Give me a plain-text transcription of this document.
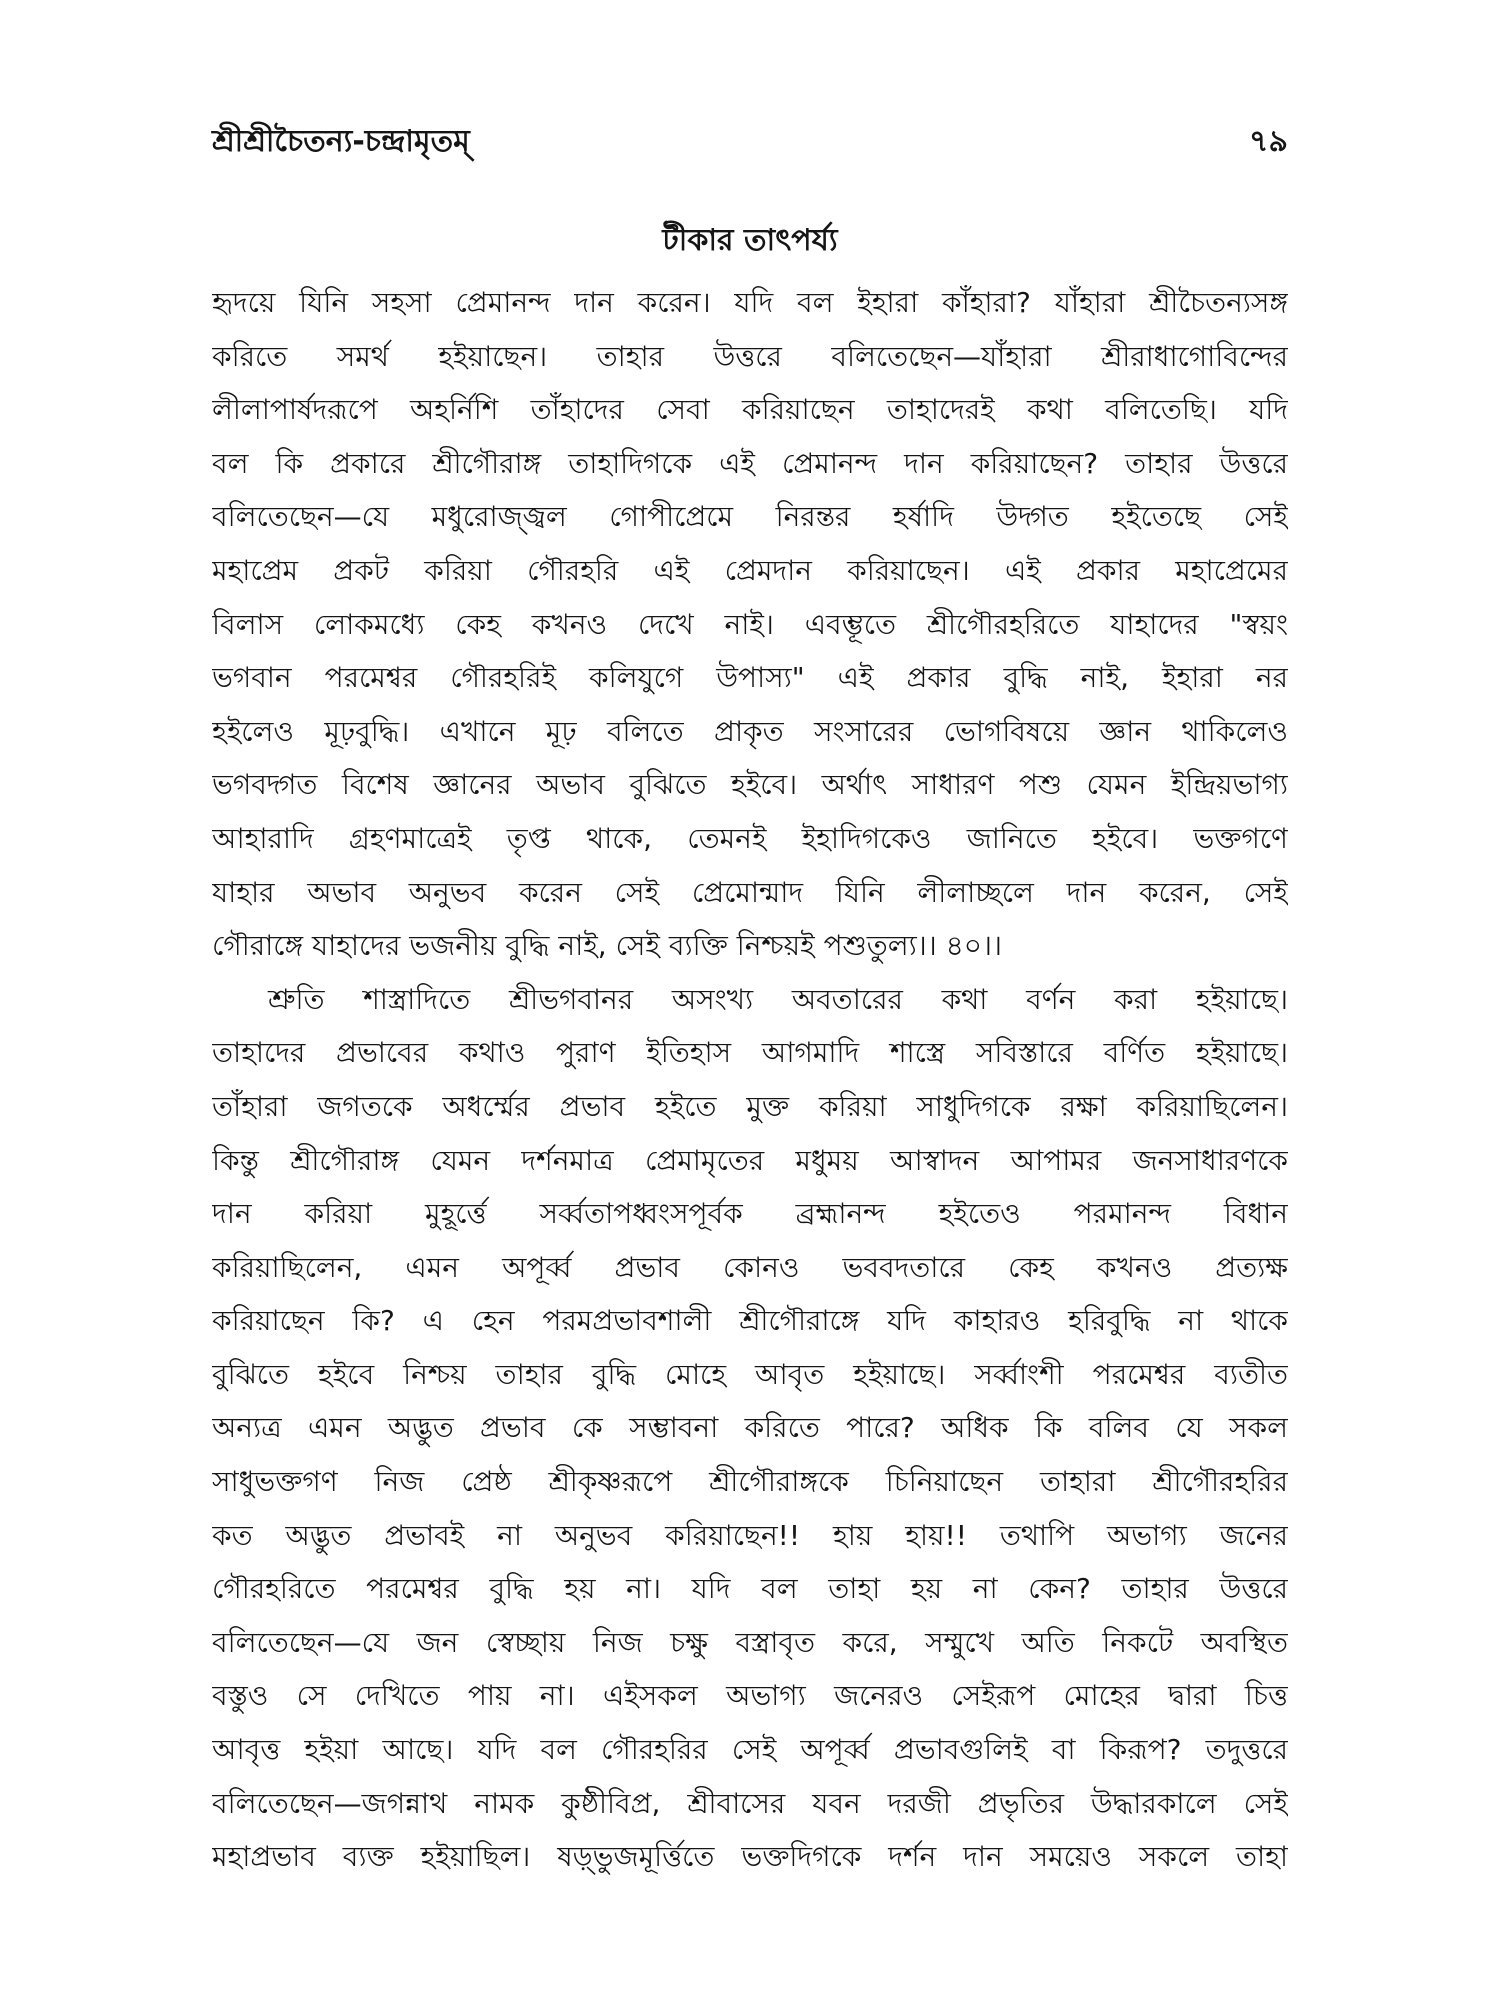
শ্রীশ্রীচৈতন্য-চন্দ্রামৃতম্	৭৯
টীকার তাৎপর্য্য
হৃদয়ে যিনি সহসা প্রেমানন্দ দান করেন। যদি বল ইহারা কাঁহারা? যাঁহারা শ্রীচৈতন্যসঙ্গ
করিতে সমর্থ হইয়াছেন। তাহার উত্তরে বলিতেছেন—যাঁহারা শ্রীরাধাগোবিন্দের
লীলাপার্ষদরূপে অহর্নিশি তাঁহাদের সেবা করিয়াছেন তাহাদেরই কথা বলিতেছি। যদি
বল কি প্রকারে শ্রীগৌরাঙ্গ তাহাদিগকে এই প্রেমানন্দ দান করিয়াছেন? তাহার উত্তরে
বলিতেছেন—যে মধুরোজ্জ্বল গোপীপ্রেমে নিরন্তর হর্ষাদি উদ্গত হইতেছে সেই
মহাপ্রেম প্রকট করিয়া গৌরহরি এই প্রেমদান করিয়াছেন। এই প্রকার মহাপ্রেমের
বিলাস লোকমধ্যে কেহ কখনও দেখে নাই। এবম্ভূতে শ্রীগৌরহরিতে যাহাদের "স্বয়ং
ভগবান পরমেশ্বর গৌরহরিই কলিযুগে উপাস্য" এই প্রকার বুদ্ধি নাই, ইহারা নর
হইলেও মূঢ়বুদ্ধি। এখানে মূঢ় বলিতে প্রাকৃত সংসারের ভোগবিষয়ে জ্ঞান থাকিলেও
ভগবদ্গত বিশেষ জ্ঞানের অভাব বুঝিতে হইবে। অর্থাৎ সাধারণ পশু যেমন ইন্দ্রিয়ভাগ্য
আহারাদি গ্রহণমাত্রেই তৃপ্ত থাকে, তেমনই ইহাদিগকেও জানিতে হইবে। ভক্তগণে
যাহার অভাব অনুভব করেন সেই প্রেমোন্মাদ যিনি লীলাচ্ছলে দান করেন, সেই
গৌরাঙ্গে যাহাদের ভজনীয় বুদ্ধি নাই, সেই ব্যক্তি নিশ্চয়ই পশুতুল্য।। ৪০।।
শ্রুতি শাস্ত্রাদিতে শ্রীভগবানর অসংখ্য অবতারের কথা বর্ণন করা হইয়াছে।
তাহাদের প্রভাবের কথাও পুরাণ ইতিহাস আগমাদি শাস্ত্রে সবিস্তারে বর্ণিত হইয়াছে।
তাঁহারা জগতকে অধর্ম্মের প্রভাব হইতে মুক্ত করিয়া সাধুদিগকে রক্ষা করিয়াছিলেন।
কিন্তু শ্রীগৌরাঙ্গ যেমন দর্শনমাত্র প্রেমামৃতের মধুময় আস্বাদন আপামর জনসাধারণকে
দান করিয়া মুহূর্ত্তে সর্ব্বতাপধ্বংসপূর্বক ব্রহ্মানন্দ হইতেও পরমানন্দ বিধান
করিয়াছিলেন, এমন অপূর্ব্ব প্রভাব কোনও ভববদতারে কেহ কখনও প্রত্যক্ষ
করিয়াছেন কি? এ হেন পরমপ্রভাবশালী শ্রীগৌরাঙ্গে যদি কাহারও হরিবুদ্ধি না থাকে
বুঝিতে হইবে নিশ্চয় তাহার বুদ্ধি মোহে আবৃত হইয়াছে। সর্ব্বাংশী পরমেশ্বর ব্যতীত
অন্যত্র এমন অদ্ভুত প্রভাব কে সম্ভাবনা করিতে পারে? অধিক কি বলিব যে সকল
সাধুভক্তগণ নিজ প্রেষ্ঠ শ্রীকৃষ্ণরূপে শ্রীগৌরাঙ্গকে চিনিয়াছেন তাহারা শ্রীগৌরহরির
কত অদ্ভুত প্রভাবই না অনুভব করিয়াছেন!! হায় হায়!! তথাপি অভাগ্য জনের
গৌরহরিতে পরমেশ্বর বুদ্ধি হয় না। যদি বল তাহা হয় না কেন? তাহার উত্তরে
বলিতেছেন—যে জন স্বেচ্ছায় নিজ চক্ষু বস্ত্রাবৃত করে, সম্মুখে অতি নিকটে অবস্থিত
বস্তুও সে দেখিতে পায় না। এইসকল অভাগ্য জনেরও সেইরূপ মোহের দ্বারা চিত্ত
আবৃত্ত হইয়া আছে। যদি বল গৌরহরির সেই অপূর্ব্ব প্রভাবগুলিই বা কিরূপ? তদুত্তরে
বলিতেছেন—জগন্নাথ নামক কুষ্ঠীবিপ্র, শ্রীবাসের যবন দরজী প্রভৃতির উদ্ধারকালে সেই
মহাপ্রভাব ব্যক্ত হইয়াছিল। ষড়্ভুজমূর্ত্তিতে ভক্তদিগকে দর্শন দান সময়েও সকলে তাহা
